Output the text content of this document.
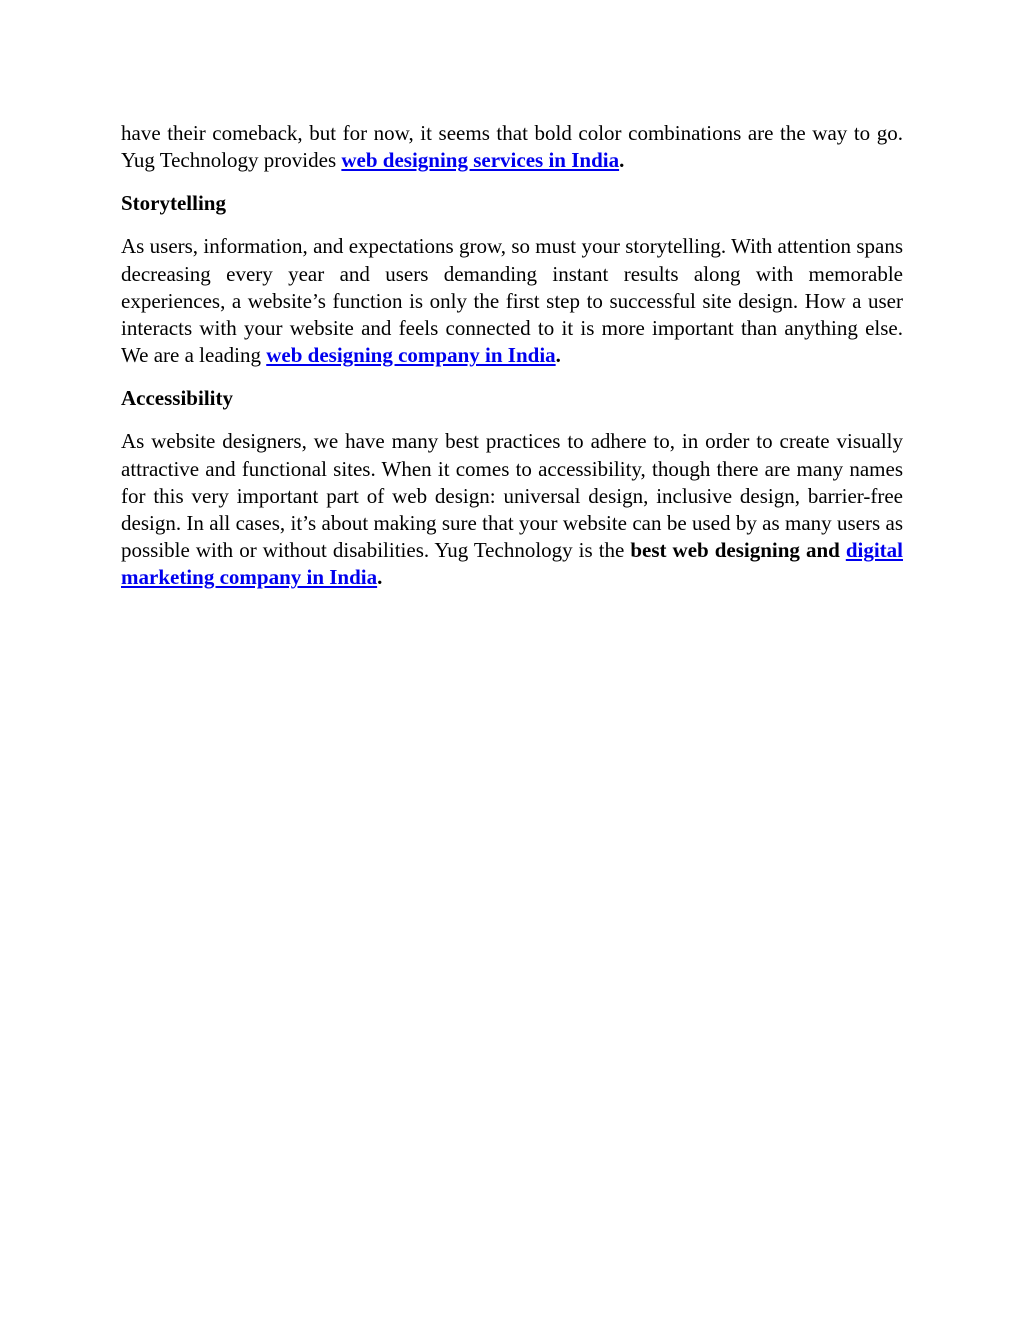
have their comeback, but for now, it seems that bold color combinations are the way to go. Yug Technology provides web designing services in India.

Storytelling

As users, information, and expectations grow, so must your storytelling. With attention spans decreasing every year and users demanding instant results along with memorable experiences, a website’s function is only the first step to successful site design. How a user interacts with your website and feels connected to it is more important than anything else. We are a leading web designing company in India.

Accessibility

As website designers, we have many best practices to adhere to, in order to create visually attractive and functional sites. When it comes to accessibility, though there are many names for this very important part of web design: universal design, inclusive design, barrier-free design. In all cases, it’s about making sure that your website can be used by as many users as possible with or without disabilities. Yug Technology is the best web designing and digital marketing company in India.
